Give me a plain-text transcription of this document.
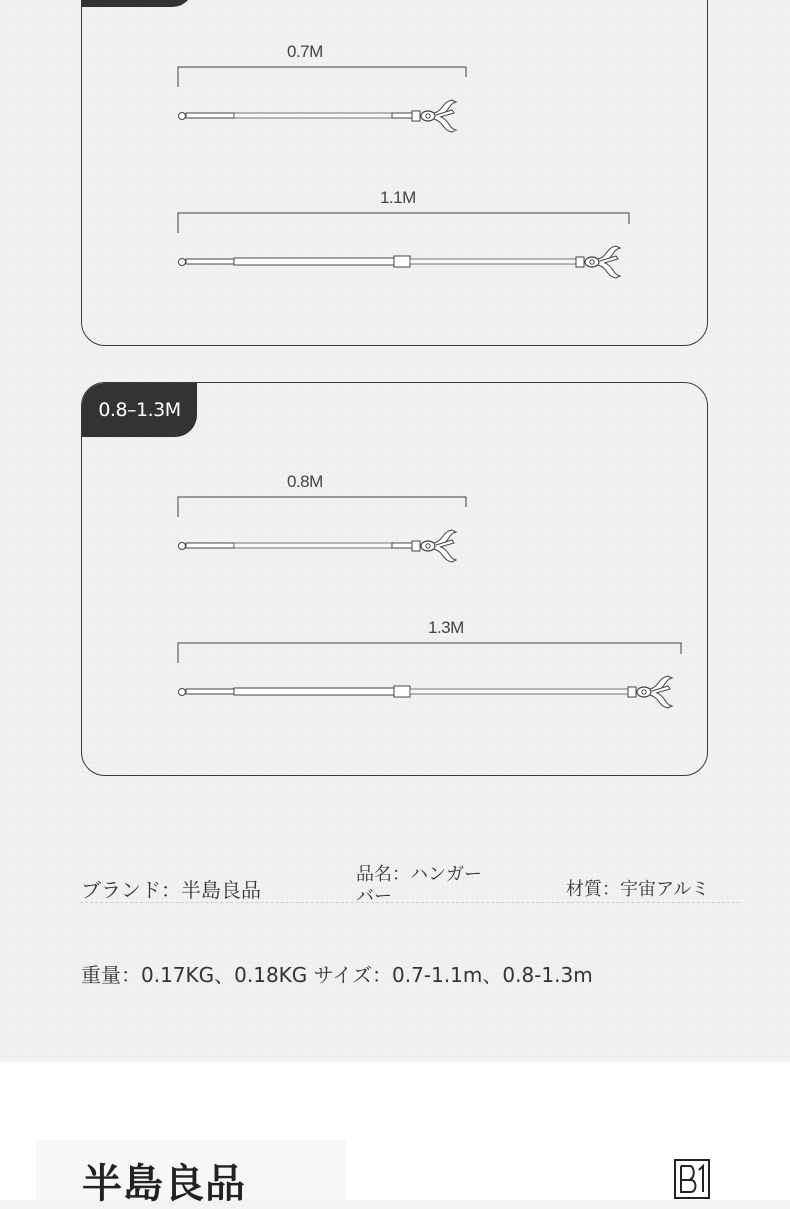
0.8–1.3M
0.7M
1.1M
0.8M
1.3M
ブランド：半島良品
品名：ハンガー
バー	材質：宇宙アルミ
重量：0.17KG、0.18KG サイズ：0.7-1.1m、0.8-1.3m
半島良品
